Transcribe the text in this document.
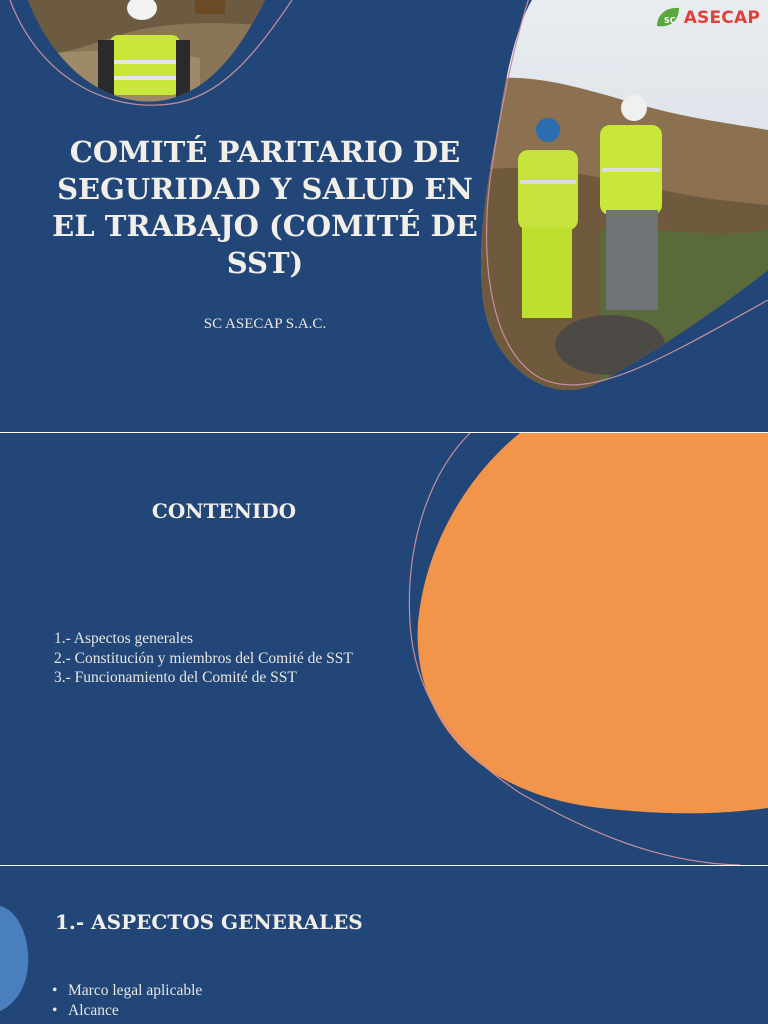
SC ASECAP
COMITÉ PARITARIO DE SEGURIDAD Y SALUD EN EL TRABAJO (COMITÉ DE SST)

SC ASECAP S.A.C.

CONTENIDO
1.- Aspectos generales
2.- Constitución y miembros del Comité de SST
3.- Funcionamiento del Comité de SST
1.- ASPECTOS GENERALES
• Marco legal aplicable
• Alcance
